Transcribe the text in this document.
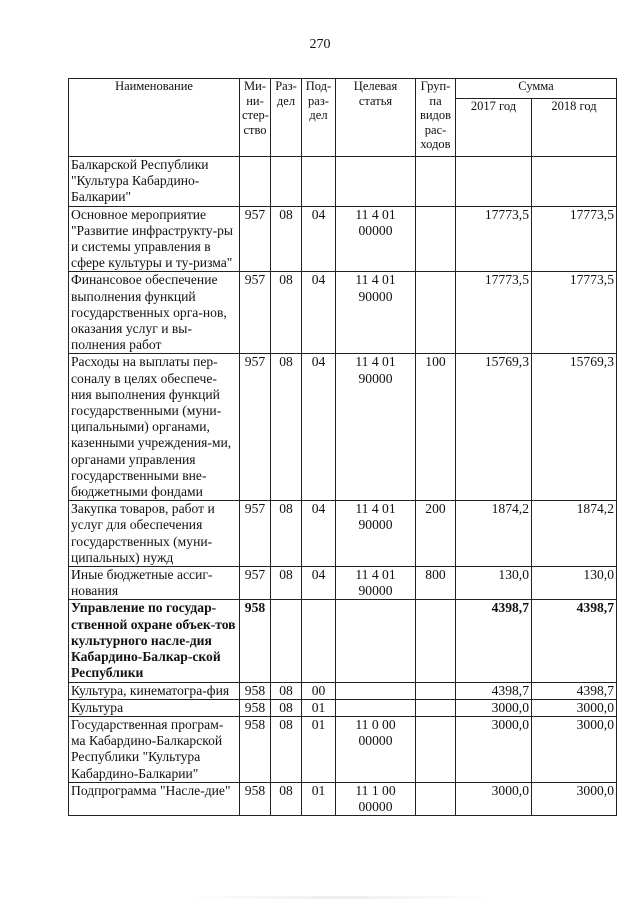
270
Наименование	Ми-ни-стер-ство	Раз-дел	Под-раз-дел	Целевая статья	Груп-па видов рас-ходов	Сумма	
						2017 год	2018 год
Балкарской Республики "Культура Кабардино-Балкарии"							
Основное мероприятие "Развитие инфраструкту-ры и системы управления в сфере культуры и ту-ризма"	957	08	04	11 4 01 00000		17773,5	17773,5
Финансовое обеспечение выполнения функций государственных орга-нов, оказания услуг и вы-полнения работ	957	08	04	11 4 01 90000		17773,5	17773,5
Расходы на выплаты пер-соналу в целях обеспече-ния выполнения функций государственными (муни-ципальными) органами, казенными учреждения-ми, органами управления государственными вне-бюджетными фондами	957	08	04	11 4 01 90000	100	15769,3	15769,3
Закупка товаров, работ и услуг для обеспечения государственных (муни-ципальных) нужд	957	08	04	11 4 01 90000	200	1874,2	1874,2
Иные бюджетные ассиг-нования	957	08	04	11 4 01 90000	800	130,0	130,0
Управление по государ-ственной охране объек-тов культурного насле-дия Кабардино-Балкар-ской Республики	958					4398,7	4398,7
Культура, кинематогра-фия	958	08	00			4398,7	4398,7
Культура	958	08	01			3000,0	3000,0
Государственная програм-ма Кабардино-Балкарской Республики "Культура Кабардино-Балкарии"	958	08	01	11 0 00 00000		3000,0	3000,0
Подпрограмма "Насле-дие"	958	08	01	11 1 00 00000		3000,0	3000,0
